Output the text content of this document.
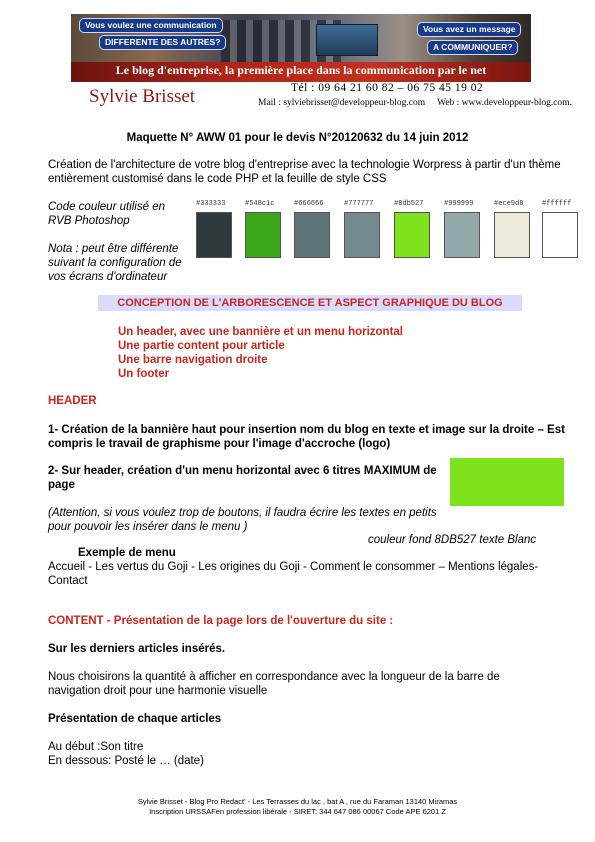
Vous voulez une communication
DIFFERENTE DES AUTRES?
Vous avez un message
A COMMUNIQUER?
Le blog d'entreprise, la première place dans la communication par le net
Sylvie Brisset	Tél : 09 64 21 60 82 – 06 75 45 19 02
Mail : sylviebrisset@developpeur-blog.com Web : www.developpeur-blog.com.
Maquette N° AWW 01 pour le devis N°20120632 du 14 juin 2012
Création de l'architecture de votre blog d'entreprise avec la technologie Worpress à partir d'un thème entièrement customisé dans le code PHP et la feuille de style CSS
Code couleur utilisé en RVB Photoshop
Nota : peut être différente suivant la configuration de vos écrans d'ordinateur
#333333	#548c1c	#666666	#777777	#8db527	#999999	#ece9d8	#ffffff
CONCEPTION DE L'ARBORESCENCE ET ASPECT GRAPHIQUE DU BLOG
Un header, avec une bannière et un menu horizontal
Une partie content pour article
Une barre navigation droite
Un footer
HEADER
1- Création de la bannière haut pour insertion nom du blog en texte et image sur la droite – Est compris le travail de graphisme pour l'image d'accroche (logo)
2- Sur header, création d'un menu horizontal avec 6 titres MAXIMUM de page
(Attention, si vous voulez trop de boutons, il faudra écrire les textes en petits pour pouvoir les insérer dans le menu )
couleur fond 8DB527 texte Blanc
Exemple de menu
Accueil - Les vertus du Goji - Les origines du Goji - Comment le consommer – Mentions légales- Contact
CONTENT - Présentation de la page lors de l'ouverture du site :
Sur les derniers articles insérés.
Nous choisirons la quantité à afficher en correspondance avec la longueur de la barre de navigation droit pour une harmonie visuelle
Présentation de chaque articles
Au début :Son titre
En dessous: Posté le … (date)
Sylvie Brisset - Blog Pro Redact' - Les Terrasses du lac , bat A , rue du Faraman 13140 Miramas
Inscription URSSAFen profession libérale - SIRET: 344 647 086 00067 Code APE 6201 Z
